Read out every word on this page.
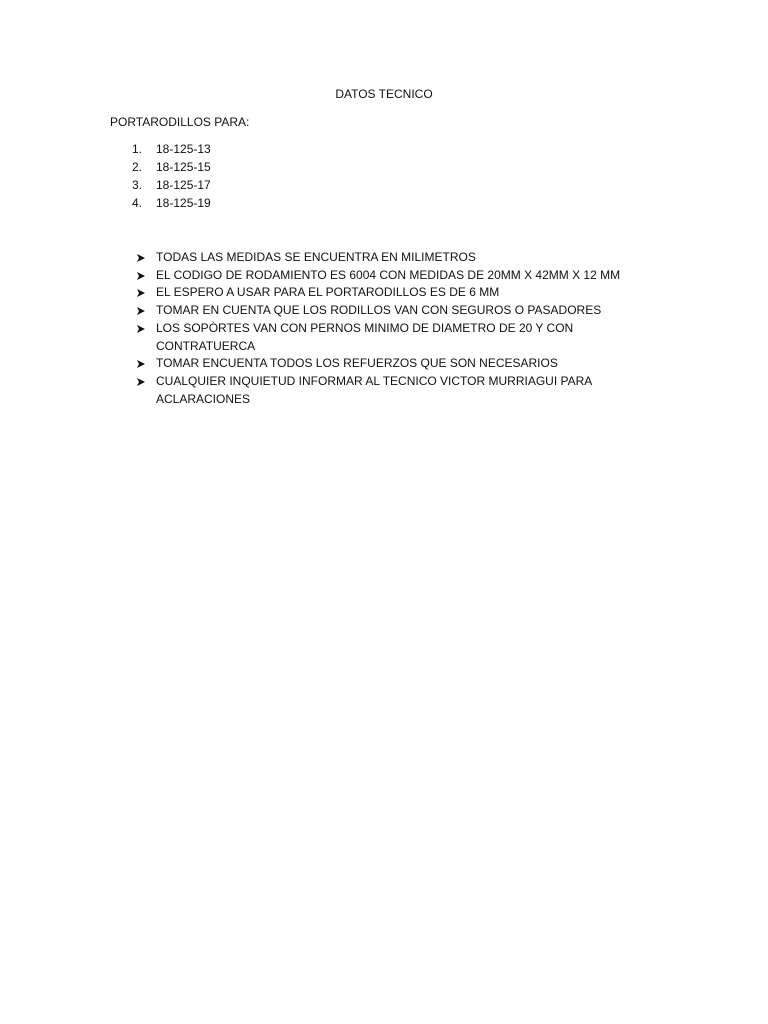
DATOS TECNICO
PORTARODILLOS PARA:
1.	18-125-13
2.	18-125-15
3.	18-125-17
4.	18-125-19
TODAS LAS MEDIDAS SE ENCUENTRA EN MILIMETROS
EL CODIGO DE RODAMIENTO ES 6004 CON MEDIDAS DE 20MM X 42MM X 12 MM
EL ESPERO A USAR PARA EL PORTARODILLOS ES DE 6 MM
TOMAR EN CUENTA QUE LOS RODILLOS VAN CON SEGUROS O PASADORES
LOS SOPÒRTES VAN CON PERNOS MINIMO DE DIAMETRO DE 20 Y CON CONTRATUERCA
TOMAR ENCUENTA TODOS LOS REFUERZOS QUE SON NECESARIOS
CUALQUIER INQUIETUD INFORMAR AL TECNICO VICTOR MURRIAGUI PARA ACLARACIONES
